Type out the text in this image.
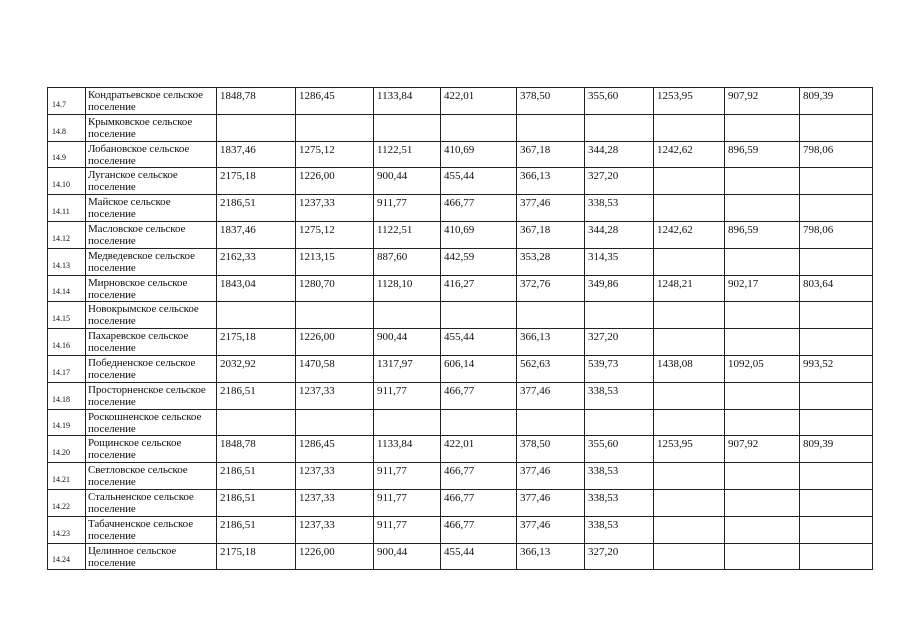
14.7	Кондратьевское сельское поселение	1848,78	1286,45	1133,84	422,01	378,50	355,60	1253,95	907,92	809,39
14.8	Крымковское сельское поселение									
14.9	Лобановское сельское поселение	1837,46	1275,12	1122,51	410,69	367,18	344,28	1242,62	896,59	798,06
14.10	Луганское сельское поселение	2175,18	1226,00	900,44	455,44	366,13	327,20			
14.11	Майское сельское поселение	2186,51	1237,33	911,77	466,77	377,46	338,53			
14.12	Масловское сельское поселение	1837,46	1275,12	1122,51	410,69	367,18	344,28	1242,62	896,59	798,06
14.13	Медведевское сельское поселение	2162,33	1213,15	887,60	442,59	353,28	314,35			
14.14	Мирновское сельское поселение	1843,04	1280,70	1128,10	416,27	372,76	349,86	1248,21	902,17	803,64
14.15	Новокрымское сельское поселение									
14.16	Пахаревское сельское поселение	2175,18	1226,00	900,44	455,44	366,13	327,20			
14.17	Победненское сельское поселение	2032,92	1470,58	1317,97	606,14	562,63	539,73	1438,08	1092,05	993,52
14.18	Просторненское сельское поселение	2186,51	1237,33	911,77	466,77	377,46	338,53			
14.19	Роскошненское сельское поселение									
14.20	Рощинское сельское поселение	1848,78	1286,45	1133,84	422,01	378,50	355,60	1253,95	907,92	809,39
14.21	Светловское сельское поселение	2186,51	1237,33	911,77	466,77	377,46	338,53			
14.22	Стальненское сельское поселение	2186,51	1237,33	911,77	466,77	377,46	338,53			
14.23	Табачненское сельское поселение	2186,51	1237,33	911,77	466,77	377,46	338,53			
14.24	Целинное сельское поселение	2175,18	1226,00	900,44	455,44	366,13	327,20			
